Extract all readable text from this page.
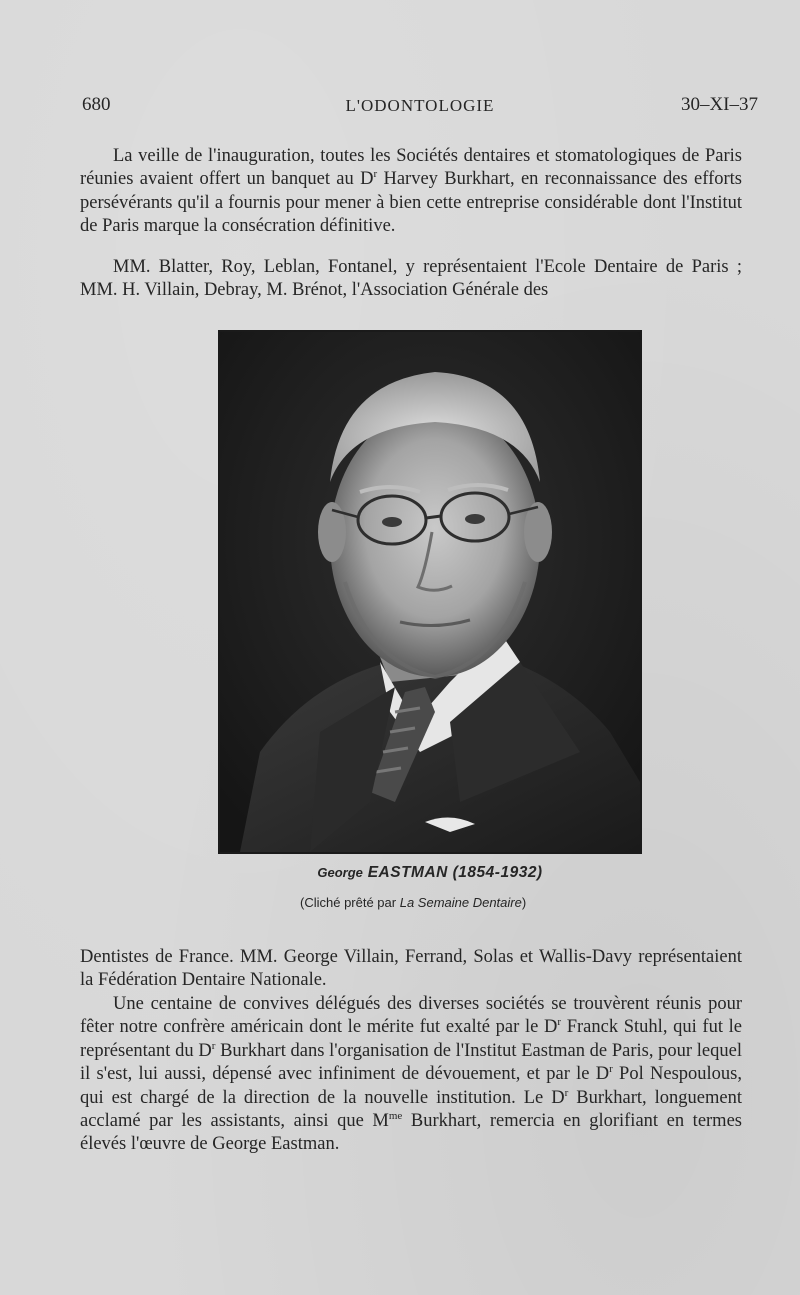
680	L'ODONTOLOGIE	30–XI–37

La veille de l'inauguration, toutes les Sociétés dentaires et stomatologiques de Paris réunies avaient offert un banquet au $D^r$ Harvey Burkhart, en reconnaissance des efforts persévérants qu'il a fournis pour mener à bien cette entreprise considérable dont l'Institut de Paris marque la consécration définitive.

MM. Blatter, Roy, Leblan, Fontanel, y représentaient l'Ecole Dentaire de Paris ; MM. H. Villain, Debray, M. Brénot, l'Association Générale des

George EASTMAN (1854-1932)
(Cliché prêté par La Semaine Dentaire)

Dentistes de France. MM. George Villain, Ferrand, Solas et Wallis-Davy représentaient la Fédération Dentaire Nationale.

Une centaine de convives délégués des diverses sociétés se trouvèrent réunis pour fêter notre confrère américain dont le mérite fut exalté par le $D^r$ Franck Stuhl, qui fut le représentant du $D^r$ Burkhart dans l'organisation de l'Institut Eastman de Paris, pour lequel il s'est, lui aussi, dépensé avec infiniment de dévouement, et par le $D^r$ Pol Nespoulous, qui est chargé de la direction de la nouvelle institution. Le $D^r$ Burkhart, longuement acclamé par les assistants, ainsi que $M^{me}$ Burkhart, remercia en glorifiant en termes élevés l'œuvre de George Eastman.
